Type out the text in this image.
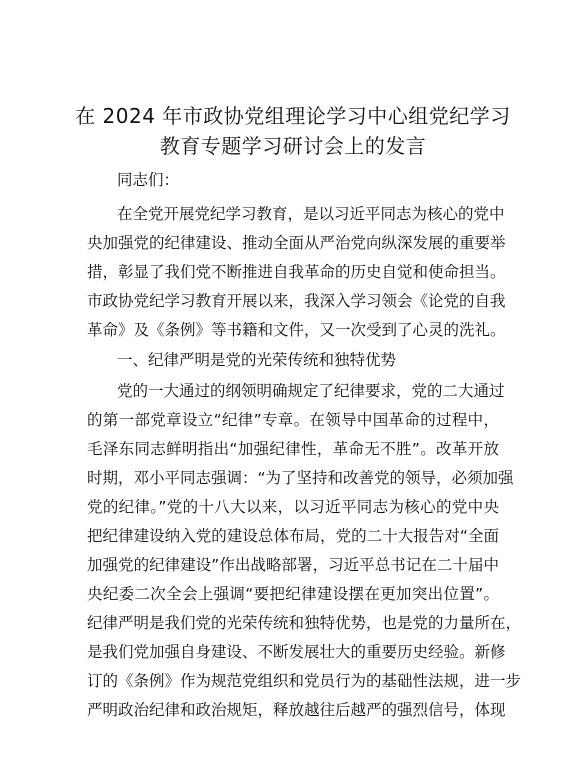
在 2024 年市政协党组理论学习中心组党纪学习
教育专题学习研讨会上的发言
同志们：
在全党开展党纪学习教育，是以习近平同志为核心的党中
央加强党的纪律建设、推动全面从严治党向纵深发展的重要举
措，彰显了我们党不断推进自我革命的历史自觉和使命担当。
市政协党纪学习教育开展以来，我深入学习领会《论党的自我
革命》及《条例》等书籍和文件，又一次受到了心灵的洗礼。
一、纪律严明是党的光荣传统和独特优势
党的一大通过的纲领明确规定了纪律要求，党的二大通过
的第一部党章设立“纪律”专章。在领导中国革命的过程中，
毛泽东同志鲜明指出“加强纪律性，革命无不胜”。改革开放
时期，邓小平同志强调：“为了坚持和改善党的领导，必须加强
党的纪律。”党的十八大以来，以习近平同志为核心的党中央
把纪律建设纳入党的建设总体布局，党的二十大报告对“全面
加强党的纪律建设”作出战略部署，习近平总书记在二十届中
央纪委二次全会上强调“要把纪律建设摆在更加突出位置”。
纪律严明是我们党的光荣传统和独特优势，也是党的力量所在，
是我们党加强自身建设、不断发展壮大的重要历史经验。新修
订的《条例》作为规范党组织和党员行为的基础性法规，进一步
严明政治纪律和政治规矩，释放越往后越严的强烈信号，体现
